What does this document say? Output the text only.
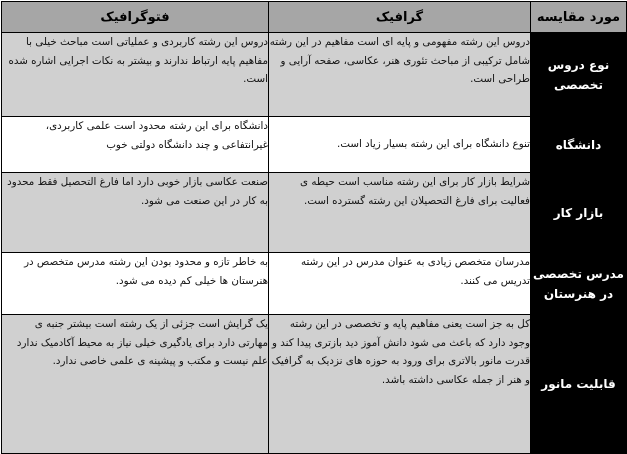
مورد مقایسه	گرافیک	فتوگرافیک
نوع دروس تخصصی	دروس این رشته مفهومی و پایه ای است مفاهیم در این رشته شامل ترکیبی از مباحث تئوری هنر، عکاسی، صفحه آرایی و طراحی است.	دروس این رشته کاربردی و عملیاتی است مباحث خیلی با مفاهیم پایه ارتباط ندارند و بیشتر به نکات اجرایی اشاره شده است.
دانشگاه	تنوع دانشگاه برای این رشته بسیار زیاد است.	دانشگاه برای این رشته محدود است علمی کاربردی، غیرانتفاعی و چند دانشگاه دولتی خوب
بازار کار	شرایط بازار کار برای این رشته مناسب است حیطه ی فعالیت برای فارغ التحصیلان این رشته گسترده است.	صنعت عکاسی بازار خوبی دارد اما فارغ التحصیل فقط محدود به کار در این صنعت می شود.
مدرس تخصصی در هنرستان	مدرسان متخصص زیادی به عنوان مدرس در این رشته تدریس می کنند.	به خاطر تازه و محدود بودن این رشته مدرس متخصص در هنرستان ها خیلی کم دیده می شود.
قابلیت مانور	کل به جز است یعنی مفاهیم پایه و تخصصی در این رشته وجود دارد که باعث می شود دانش آموز دید بازتری پیدا کند و قدرت مانور بالاتری برای ورود به حوزه های نزدیک به گرافیک و هنر از جمله عکاسی داشته باشد.	یک گرایش است جزئی از یک رشته است بیشتر جنبه ی مهارتی دارد برای یادگیری خیلی نیاز به محیط آکادمیک ندارد علم نیست و مکتب و پیشینه ی علمی خاصی ندارد.
